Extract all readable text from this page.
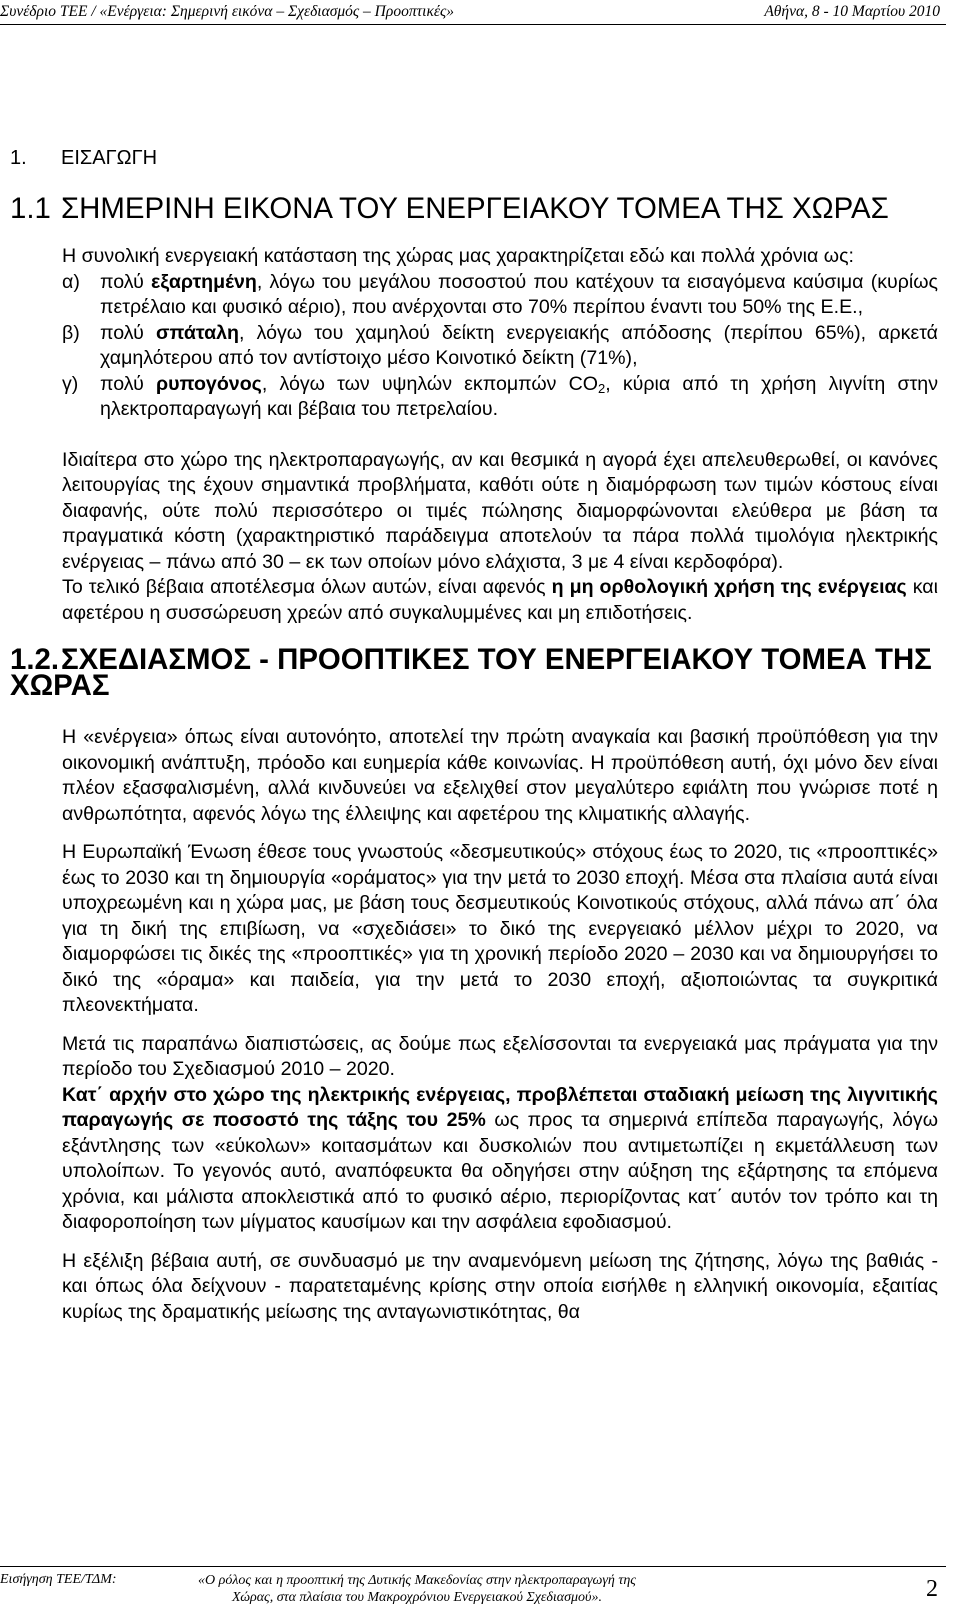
Συνέδριο ΤΕΕ / «Ενέργεια: Σημερινή εικόνα – Σχεδιασμός – Προοπτικές»	Αθήνα, 8 - 10 Μαρτίου 2010
1. ΕΙΣΑΓΩΓΗ
1.1 ΣΗΜΕΡΙΝΗ ΕΙΚΟΝΑ ΤΟΥ ΕΝΕΡΓΕΙΑΚΟΥ ΤΟΜΕΑ ΤΗΣ ΧΩΡΑΣ

Η συνολική ενεργειακή κατάσταση της χώρας μας χαρακτηρίζεται εδώ και πολλά χρόνια ως:

α)	πολύ εξαρτημένη, λόγω του μεγάλου ποσοστού που κατέχουν τα εισαγόμενα καύσιμα (κυρίως πετρέλαιο και φυσικό αέριο), που ανέρχονται στο 70% περίπου έναντι του 50% της Ε.Ε.,
β)	πολύ σπάταλη, λόγω του χαμηλού δείκτη ενεργειακής απόδοσης (περίπου 65%), αρκετά χαμηλότερου από τον αντίστοιχο μέσο Κοινοτικό δείκτη (71%),
γ)	πολύ ρυπογόνος, λόγω των υψηλών εκπομπών $CO_2$, κύρια από τη χρήση λιγνίτη στην ηλεκτροπαραγωγή και βέβαια του πετρελαίου.

Ιδιαίτερα στο χώρο της ηλεκτροπαραγωγής, αν και θεσμικά η αγορά έχει απελευθερωθεί, οι κανόνες λειτουργίας της έχουν σημαντικά προβλήματα, καθότι ούτε η διαμόρφωση των τιμών κόστους είναι διαφανής, ούτε πολύ περισσότερο οι τιμές πώλησης διαμορφώνονται ελεύθερα με βάση τα πραγματικά κόστη (χαρακτηριστικό παράδειγμα αποτελούν τα πάρα πολλά τιμολόγια ηλεκτρικής ενέργειας – πάνω από 30 – εκ των οποίων μόνο ελάχιστα, 3 με 4 είναι κερδοφόρα).

Το τελικό βέβαια αποτέλεσμα όλων αυτών, είναι αφενός η μη ορθολογική χρήση της ενέργειας και αφετέρου η συσσώρευση χρεών από συγκαλυμμένες και μη επιδοτήσεις.

1.2.ΣΧΕΔΙΑΣΜΟΣ - ΠΡΟΟΠΤΙΚΕΣ ΤΟΥ ΕΝΕΡΓΕΙΑΚΟΥ ΤΟΜΕΑ ΤΗΣ ΧΩΡΑΣ

Η «ενέργεια» όπως είναι αυτονόητο, αποτελεί την πρώτη αναγκαία και βασική προϋπόθεση για την οικονομική ανάπτυξη, πρόοδο και ευημερία κάθε κοινωνίας. Η προϋπόθεση αυτή, όχι μόνο δεν είναι πλέον εξασφαλισμένη, αλλά κινδυνεύει να εξελιχθεί στον μεγαλύτερο εφιάλτη που γνώρισε ποτέ η ανθρωπότητα, αφενός λόγω της έλλειψης και αφετέρου της κλιματικής αλλαγής.

Η Ευρωπαϊκή Ένωση έθεσε τους γνωστούς «δεσμευτικούς» στόχους έως το 2020, τις «προοπτικές» έως το 2030 και τη δημιουργία «οράματος» για την μετά το 2030 εποχή. Μέσα στα πλαίσια αυτά είναι υποχρεωμένη και η χώρα μας, με βάση τους δεσμευτικούς Κοινοτικούς στόχους, αλλά πάνω απ΄ όλα για τη δική της επιβίωση, να «σχεδιάσει» το δικό της ενεργειακό μέλλον μέχρι το 2020, να διαμορφώσει τις δικές της «προοπτικές» για τη χρονική περίοδο 2020 – 2030 και να δημιουργήσει το δικό της «όραμα» και παιδεία, για την μετά το 2030 εποχή, αξιοποιώντας τα συγκριτικά πλεονεκτήματα.

Μετά τις παραπάνω διαπιστώσεις, ας δούμε πως εξελίσσονται τα ενεργειακά μας πράγματα για την περίοδο του Σχεδιασμού 2010 – 2020.

Κατ΄ αρχήν στο χώρο της ηλεκτρικής ενέργειας, προβλέπεται σταδιακή μείωση της λιγνιτικής παραγωγής σε ποσοστό της τάξης του 25% ως προς τα σημερινά επίπεδα παραγωγής, λόγω εξάντλησης των «εύκολων» κοιτασμάτων και δυσκολιών που αντιμετωπίζει η εκμετάλλευση των υπολοίπων. Το γεγονός αυτό, αναπόφευκτα θα οδηγήσει στην αύξηση της εξάρτησης τα επόμενα χρόνια, και μάλιστα αποκλειστικά από το φυσικό αέριο, περιορίζοντας κατ΄ αυτόν τον τρόπο και τη διαφοροποίηση των μίγματος καυσίμων και την ασφάλεια εφοδιασμού.

Η εξέλιξη βέβαια αυτή, σε συνδυασμό με την αναμενόμενη μείωση της ζήτησης, λόγω της βαθιάς - και όπως όλα δείχνουν - παρατεταμένης κρίσης στην οποία εισήλθε η ελληνική οικονομία, εξαιτίας κυρίως της δραματικής μείωσης της ανταγωνιστικότητας, θα

Εισήγηση ΤΕΕ/ΤΔΜ:	«Ο ρόλος και η προοπτική της Δυτικής Μακεδονίας στην ηλεκτροπαραγωγή της
Χώρας, στα πλαίσια του Μακροχρόνιου Ενεργειακού Σχεδιασμού».	2
